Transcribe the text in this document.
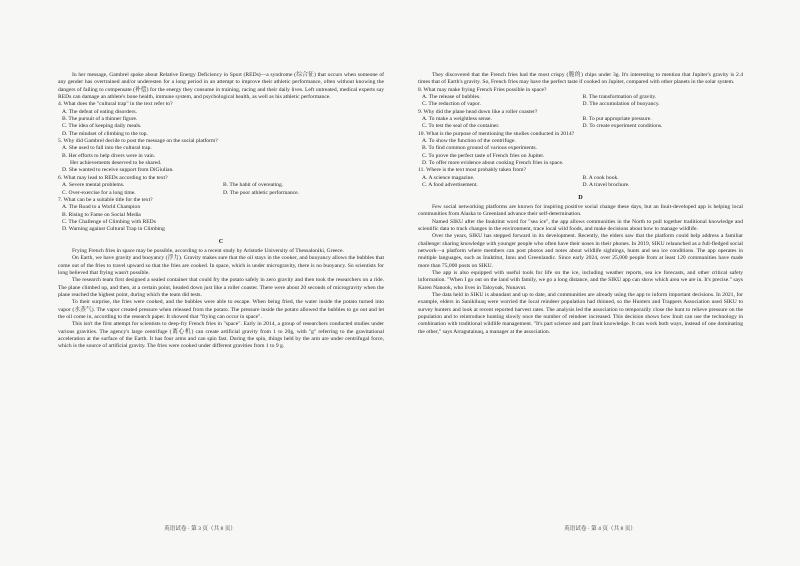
In her message, Gambrel spoke about Relative Energy Deficiency in Sport (REDs)—a syndrome (综合征) that occurs when someone of any gender has overtrained and/or underesten for a long period in an attempt to improve their athletic performance, often without knowing the dangers of failing to compensate (补偿) for the energy they consume in training, racing and their daily lives. Left untreated, medical experts say REDs can damage an athlete's bone health, immune system, and psychological health, as well as his athletic performance.

4. What does the "cultural trap" in the text refer to?

A. The defeat of eating disorders.

B. The pursuit of a thinner figure.

C. The idea of keeping daily meals.

D. The mindset of climbing to the top.

5. Why did Gambrel decide to post the message on the social platform?

A. She used to fall into the cultural trap.

B. Her efforts to help divers were in vain.

Her achievements deserved to be shared.

D. She wanted to receive support from DiGiulian.

6. What may lead to REDs according to the text?

A. Severe mental problems.	B. The habit of overeating.
C. Over-exercise for a long time.	D. The poor athletic performance.

7. What can be a suitable title for the text?

A. The Road to a World Champion

B. Rising to Fame on Social Media

C. The Challenge of Climbing with REDs

D. Warning against Cultural Trap in Climbing

C

Frying French fries in space may be possible, according to a recent study by Aristotle University of Thessaloniki, Greece.

On Earth, we have gravity and buoyancy (浮力). Gravity makes sure that the oil stays in the cooker, and buoyancy allows the bubbles that come out of the fries to travel upward so that the fries are cooked. In space, which is under microgravity, there is no buoyancy. So scientists for long believed that frying wasn't possible.

The research team first designed a sealed container that could fry the potato safely in zero gravity and then took the researchers on a ride. The plane climbed up, and then, at a certain point, headed down just like a roller coaster. There were about 20 seconds of microgravity when the plane reached the highest point, during which the team did tests.

To their surprise, the fries were cooked, and the bubbles were able to escape. When being fried, the water inside the potato turned into vapor (水蒸气). The vapor created pressure when released from the potato. The pressure inside the potato allowed the bubbles to go out and let the oil come in, according to the research paper. It showed that "frying can occur in space".

This isn't the first attempt for scientists to deep-fry French fries in "space". Early in 2014, a group of researchers conducted studies under various gravities. The agency's large centrifuge (离心机) can create artificial gravity from 1 to 20g, with "g" referring to the gravitational acceleration at the surface of the Earth. It has four arms and can spin fast. During the spin, things held by the arm are under centrifugal force, which is the source of artificial gravity. The fries were cooked under different gravities from 1 to 9 g.

英语试卷 · 第 3 页（共 8 页）

They discovered that the French fries had the most crispy (脆的) chips under 3g. It's interesting to mention that Jupiter's gravity is 2.4 times that of Earth's gravity. So, French fries may have the perfect taste if cooked on Jupiter, compared with other planets in the solar system.

8. What may make frying French Fries possible in space?

A. The release of bubbles.	B. The transformation of gravity.
C. The reduction of vapor.	D. The accumulation of buoyancy.

9. Why did the plane head down like a roller coaster?

A. To make a weightless sense.	B. To put appropriate pressure.
C. To test the seal of the container.	D. To create experiment conditions.

10. What is the purpose of mentioning the studies conducted in 2014?

A. To show the function of the centrifuge.

B. To find common ground of various experiments.

C. To prove the perfect taste of French fries on Jupiter.

D. To offer more evidence about cooking French fries in space.

11. Where is the text most probably taken from?

A. A science magazine.	B. A cook book.
C. A food advertisement.	D. A travel brochure.
D

Few social networking platforms are known for inspiring positive social change these days, but an Inuit-developed app is helping local communities from Alaska to Greenland advance their self-determination.

Named SIKU after the Inuktitut word for "sea ice", the app allows communities in the North to pull together traditional knowledge and scientific data to track changes in the environment, trace local wild foods, and make decisions about how to manage wildlife.

Over the years, SIKU has stepped forward in its development. Recently, the elders saw that the platform could help address a familiar challenge: sharing knowledge with younger people who often have their noses in their phones. In 2019, SIKU relaunched as a full-fledged social network—a platform where members can post photos and notes about wildlife sightings, hunts and sea ice conditions. The app operates in multiple languages, such as Inuktitut, Innu and Greenlandic. Since early 2024, over 25,000 people from at least 120 communities have made more than 75,000 posts on SIKU.

The app is also equipped with useful tools for life on the ice, including weather reports, sea ice forecasts, and other critical safety information. "When I go out on the land with family, we go a long distance, and the SIKU app can show which area we are in. It's precise." says Karen Nanook, who lives in Taloyoak, Nunavut.

The data held in SIKU is abundant and up to date, and communities are already using the app to inform important decisions. In 2021, for example, elders in Sanikiluaq were worried the local reindeer population had thinned, so the Hunters and Trappers Association used SIKU to survey hunters and look at recent reported harvest rates. The analysis led the association to temporarily close the hunt to relieve pressure on the population and to reintroduce hunting slowly once the number of reindeer increased. This decision shows how Inuit can use the technology in combination with traditional wildlife management. "It's part science and part Inuit knowledge. It can work both ways, instead of one dominating the other," says Arragutainaq, a manager at the association.

英语试卷 · 第 4 页（共 8 页）
